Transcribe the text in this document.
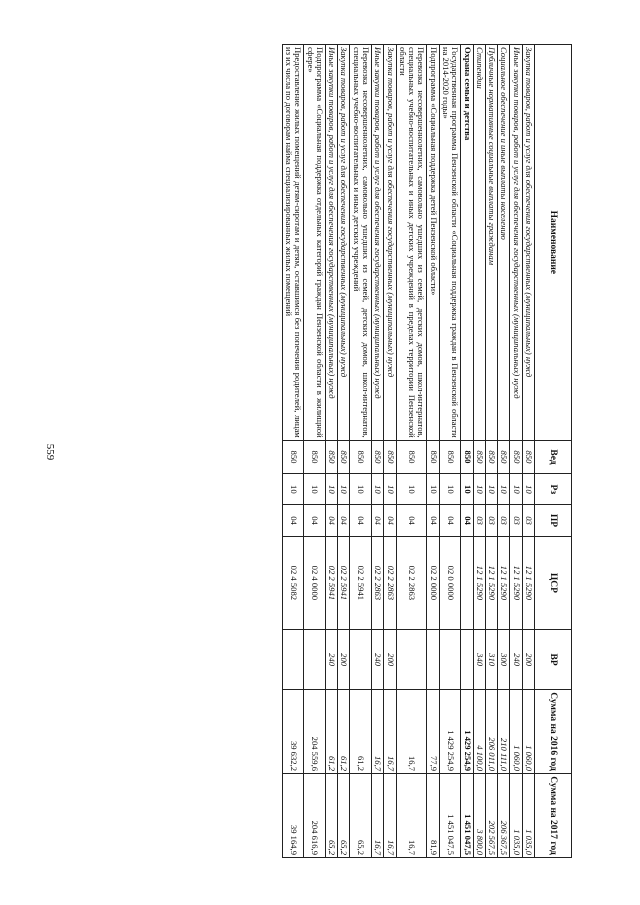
559
Наименование	Вед	Рз	ПР	ЦСР	ВР	Сумма на 2016 год	Сумма на 2017 год
Закупка товаров, работ и услуг для обеспечения государственных (муниципальных) нужд	850	10	03	12 1 5290	200	1 060,0	1 035,0
Иные закупки товаров, работ и услуг для обеспечения государственных (муниципальных) нужд	850	10	03	12 1 5290	240	1 060,0	1 035,0
Социальное обеспечение и иные выплаты населению	850	10	03	12 1 5290	300	210 111,0	206 367,5
Публичные нормативные социальные выплаты гражданам	850	10	03	12 1 5290	310	206 011,0	202 567,5
Стипендии	850	10	03	12 1 5290	340	4 100,0	3 800,0
Охрана семьи и детства	850	10	04			1 429 254,9	1 451 047,5
Государственная программа Пензенской области «Социальная поддержка граждан в Пензенской области на 2014-2020 годы»	850	10	04	02 0 0000		1 429 254,9	1 451 047,5
Подпрограмма «Социальная поддержка детей Пензенской области»	850	10	04	02 2 0000		77,9	81,9
Перевозка несовершеннолетних, самовольно ушедших из семей, детских домов, школ-интернатов, специальных учебно-воспитательных и иных детских учреждений в пределах территории Пензенской области	850	10	04	02 2 2863		16,7	16,7
Закупка товаров, работ и услуг для обеспечения государственных (муниципальных) нужд	850	10	04	02 2 2863	200	16,7	16,7
Иные закупки товаров, работ и услуг для обеспечения государственных (муниципальных) нужд	850	10	04	02 2 2863	240	16,7	16,7
Перевозка несовершеннолетних, самовольно ушедших из семей, детских домов, школ-интернатов, специальных учебно-воспитательных и иных детских учреждений	850	10	04	02 2 5941		61,2	65,2
Закупка товаров, работ и услуг для обеспечения государственных (муниципальных) нужд	850	10	04	02 2 5941	200	61,2	65,2
Иные закупки товаров, работ и услуг для обеспечения государственных (муниципальных) нужд	850	10	04	02 2 5941	240	61,2	65,2
Подпрограмма «Социальная поддержка отдельных категорий граждан Пензенской области в жилищной сфере»	850	10	04	02 4 0000		204 559,6	204 616,9
Предоставление жилых помещений детям-сиротам и детям, оставшимся без попечения родителей, лицам из их числа по договорам найма специализированных жилых помещений	850	10	04	02 4 5082		39 632,2	39 164,9
